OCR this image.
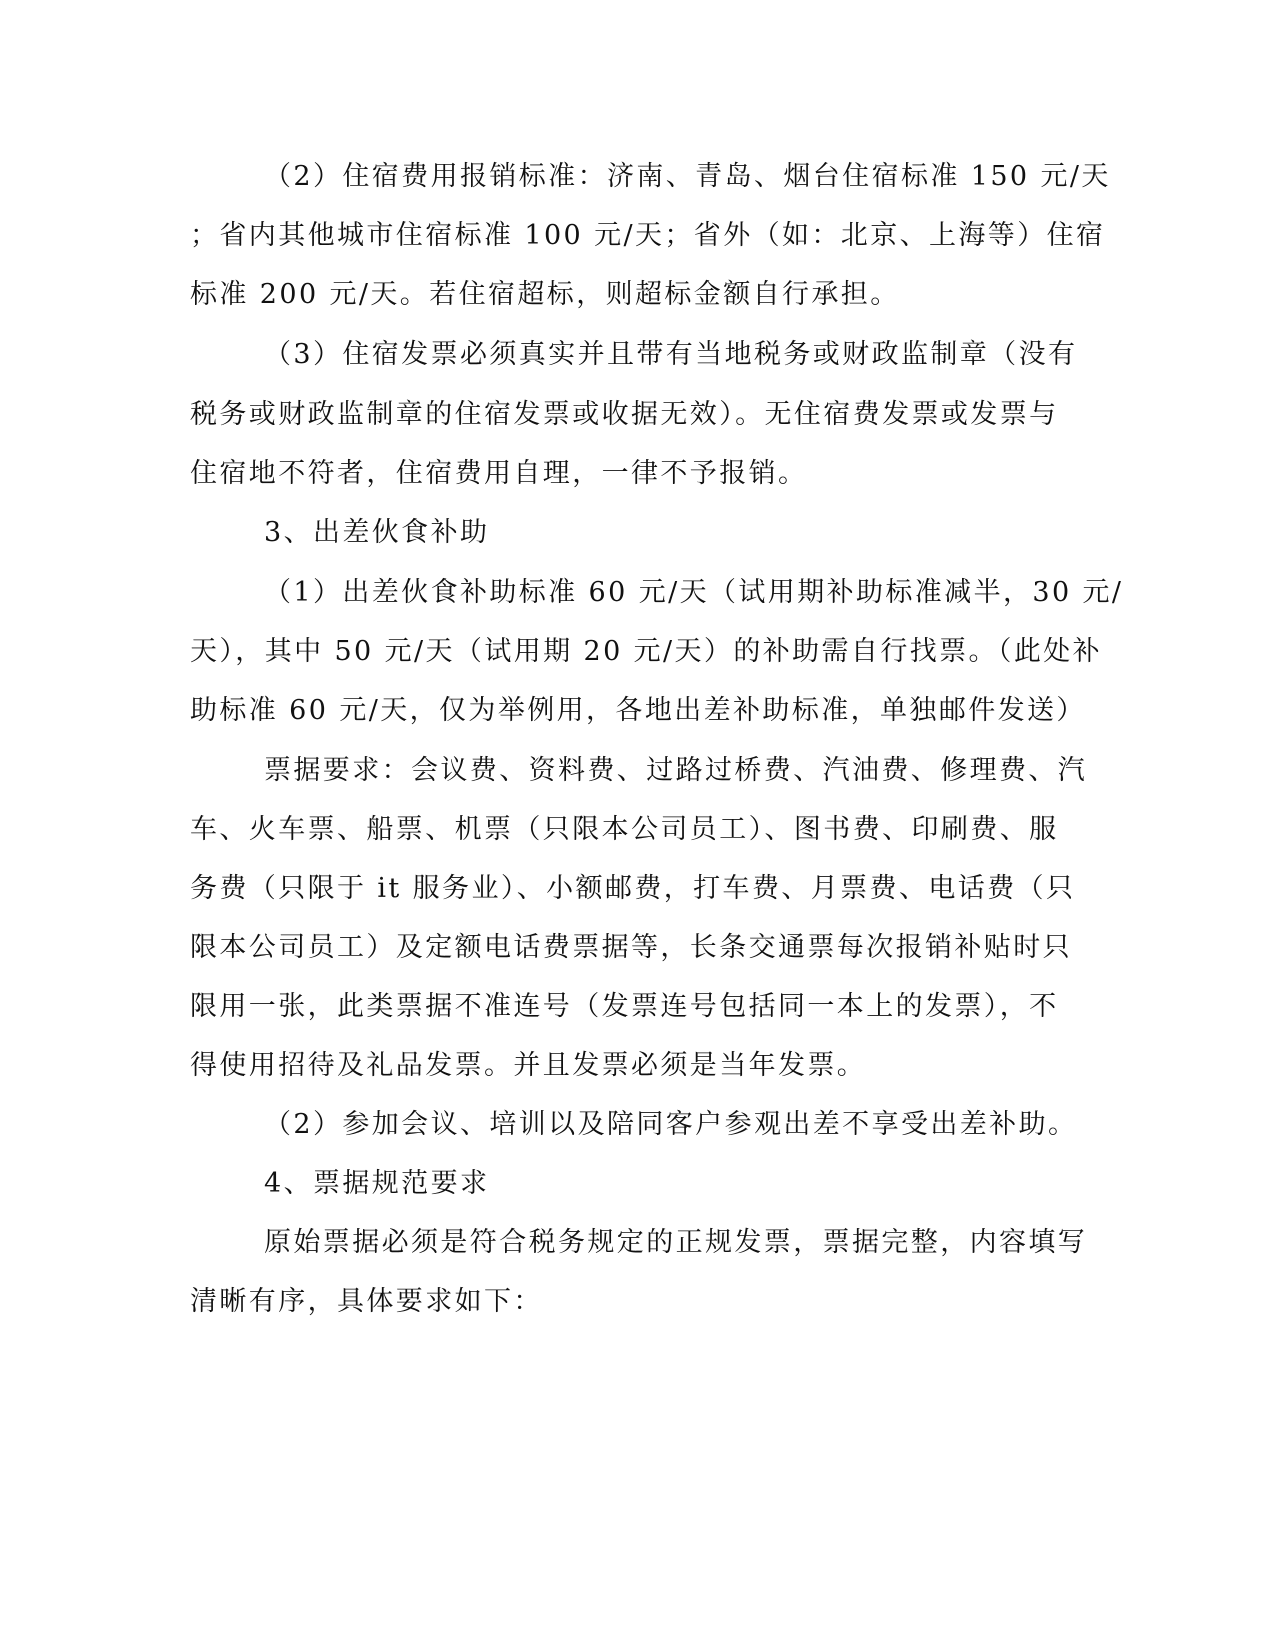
（2）住宿费用报销标准：济南、青岛、烟台住宿标准 150 元/天
；省内其他城市住宿标准 100 元/天；省外（如：北京、上海等）住宿
标准 200 元/天。若住宿超标，则超标金额自行承担。
（3）住宿发票必须真实并且带有当地税务或财政监制章（没有
税务或财政监制章的住宿发票或收据无效）。无住宿费发票或发票与
住宿地不符者，住宿费用自理，一律不予报销。
3、出差伙食补助
（1）出差伙食补助标准 60 元/天（试用期补助标准减半，30 元/
天），其中 50 元/天（试用期 20 元/天）的补助需自行找票。（此处补
助标准 60 元/天，仅为举例用，各地出差补助标准，单独邮件发送）
票据要求：会议费、资料费、过路过桥费、汽油费、修理费、汽
车、火车票、船票、机票（只限本公司员工）、图书费、印刷费、服
务费（只限于 it 服务业）、小额邮费，打车费、月票费、电话费（只
限本公司员工）及定额电话费票据等，长条交通票每次报销补贴时只
限用一张，此类票据不准连号（发票连号包括同一本上的发票），不
得使用招待及礼品发票。并且发票必须是当年发票。
（2）参加会议、培训以及陪同客户参观出差不享受出差补助。
4、票据规范要求
原始票据必须是符合税务规定的正规发票，票据完整，内容填写
清晰有序，具体要求如下：
